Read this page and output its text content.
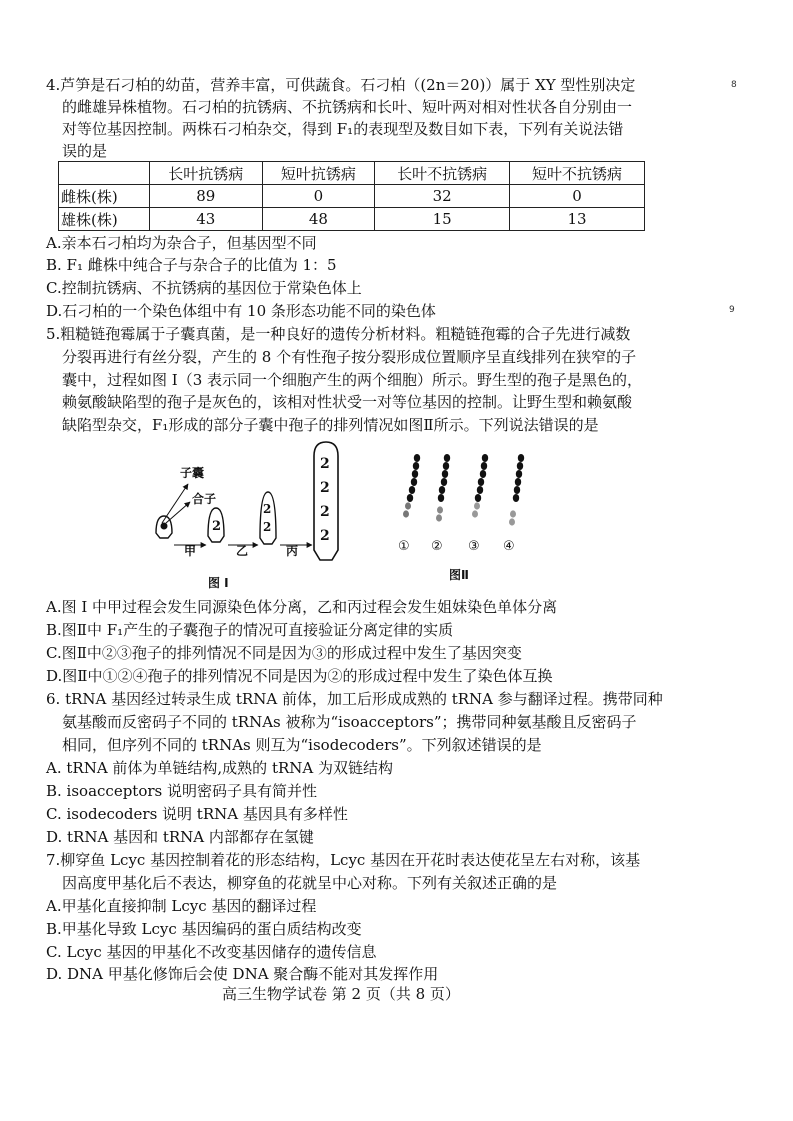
8
9
4.芦笋是石刁柏的幼苗，营养丰富，可供蔬食。石刁柏（(2n＝20)）属于 XY 型性别决定
的雌雄异株植物。石刁柏的抗锈病、不抗锈病和长叶、短叶两对相对性状各自分别由一
对等位基因控制。两株石刁柏杂交，得到 F₁的表现型及数目如下表，下列有关说法错
误的是
	长叶抗锈病	短叶抗锈病	长叶不抗锈病	短叶不抗锈病
雌株(株)	89	0	32	0
雄株(株)	43	48	15	13
A.亲本石刁柏均为杂合子，但基因型不同
B. F₁ 雌株中纯合子与杂合子的比值为 1：5
C.控制抗锈病、不抗锈病的基因位于常染色体上
D.石刁柏的一个染色体组中有 10 条形态功能不同的染色体
5.粗糙链孢霉属于子囊真菌，是一种良好的遗传分析材料。粗糙链孢霉的合子先进行减数
分裂再进行有丝分裂，产生的 8 个有性孢子按分裂形成位置顺序呈直线排列在狭窄的子
囊中，过程如图 I（3 表示同一个细胞产生的两个细胞）所示。野生型的孢子是黑色的，
赖氨酸缺陷型的孢子是灰色的，该相对性状受一对等位基因的控制。让野生型和赖氨酸
缺陷型杂交，F₁形成的部分子囊中孢子的排列情况如图Ⅱ所示。下列说法错误的是
2
2
2
2
2
2
2
子囊
合子
甲	乙	丙
图 I
① ② ③ ④
图Ⅱ
A.图 I 中甲过程会发生同源染色体分离，乙和丙过程会发生姐妹染色单体分离
B.图Ⅱ中 F₁产生的子囊孢子的情况可直接验证分离定律的实质
C.图Ⅱ中②③孢子的排列情况不同是因为③的形成过程中发生了基因突变
D.图Ⅱ中①②④孢子的排列情况不同是因为②的形成过程中发生了染色体互换
6. tRNA 基因经过转录生成 tRNA 前体，加工后形成成熟的 tRNA 参与翻译过程。携带同种
氨基酸而反密码子不同的 tRNAs 被称为“isoacceptors”；携带同种氨基酸且反密码子
相同，但序列不同的 tRNAs 则互为“isodecoders”。下列叙述错误的是
A. tRNA 前体为单链结构,成熟的 tRNA 为双链结构
B. isoacceptors 说明密码子具有简并性
C. isodecoders 说明 tRNA 基因具有多样性
D. tRNA 基因和 tRNA 内部都存在氢键
7.柳穿鱼 Lcyc 基因控制着花的形态结构，Lcyc 基因在开花时表达使花呈左右对称，该基
因高度甲基化后不表达，柳穿鱼的花就呈中心对称。下列有关叙述正确的是
A.甲基化直接抑制 Lcyc 基因的翻译过程
B.甲基化导致 Lcyc 基因编码的蛋白质结构改变
C. Lcyc 基因的甲基化不改变基因储存的遗传信息
D. DNA 甲基化修饰后会使 DNA 聚合酶不能对其发挥作用
高三生物学试卷 第 2 页（共 8 页）
